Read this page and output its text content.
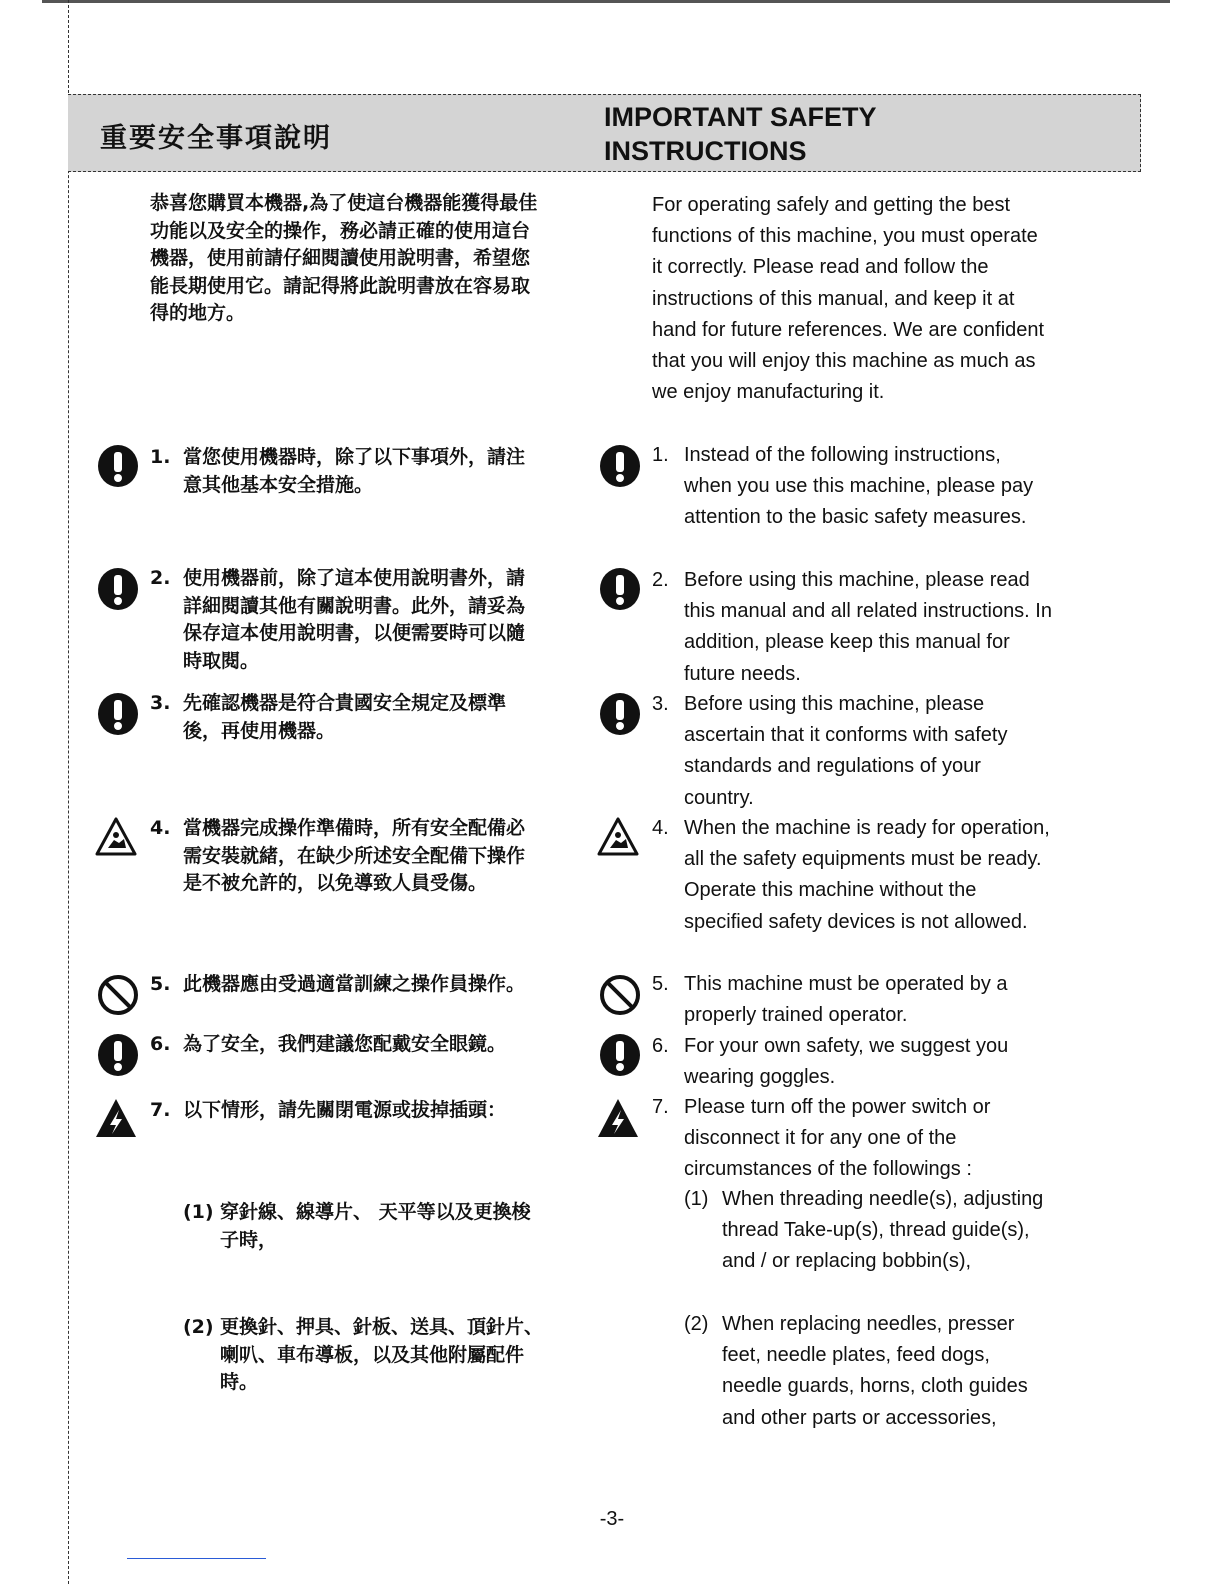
重要安全事項說明
IMPORTANT SAFETY
INSTRUCTIONS

恭喜您購買本機器,為了使這台機器能獲得最佳功能以及安全的操作，務必請正確的使用這台機器，使用前請仔細閱讀使用說明書，希望您能長期使用它。請記得將此說明書放在容易取得的地方。

For operating safely and getting the best functions of this machine, you must operate it correctly. Please read and follow the instructions of this manual, and keep it at hand for future references. We are confident that you will enjoy this machine as much as we enjoy manufacturing it.

1. 當您使用機器時，除了以下事項外，請注意其他基本安全措施。

1. Instead of the following instructions, when you use this machine, please pay attention to the basic safety measures.

2. 使用機器前，除了這本使用說明書外，請詳細閱讀其他有關說明書。此外，請妥為保存這本使用說明書，以便需要時可以隨時取閱。

2. Before using this machine, please read this manual and all related instructions. In addition, please keep this manual for future needs.

3. 先確認機器是符合貴國安全規定及標準後，再使用機器。

3. Before using this machine, please ascertain that it conforms with safety standards and regulations of your country.

4. 當機器完成操作準備時，所有安全配備必需安裝就緒，在缺少所述安全配備下操作是不被允許的，以免導致人員受傷。

4. When the machine is ready for operation, all the safety equipments must be ready. Operate this machine without the specified safety devices is not allowed.

5. 此機器應由受過適當訓練之操作員操作。	5. This machine must be operated by a properly trained operator.

6. 為了安全，我們建議您配戴安全眼鏡。	6. For your own safety, we suggest you wearing goggles.

7. 以下情形，請先關閉電源或拔掉插頭：	7. Please turn off the power switch or disconnect it for any one of the circumstances of the followings :

(1) 穿針線、線導片、 天平等以及更換梭子時，

(1) When threading needle(s), adjusting thread Take-up(s), thread guide(s), and / or replacing bobbin(s),

(2) 更換針、押具、針板、送具、頂針片、喇叭、車布導板，以及其他附屬配件時。

(2) When replacing needles, presser feet, needle plates, feed dogs, needle guards, horns, cloth guides and other parts or accessories,

-3-
